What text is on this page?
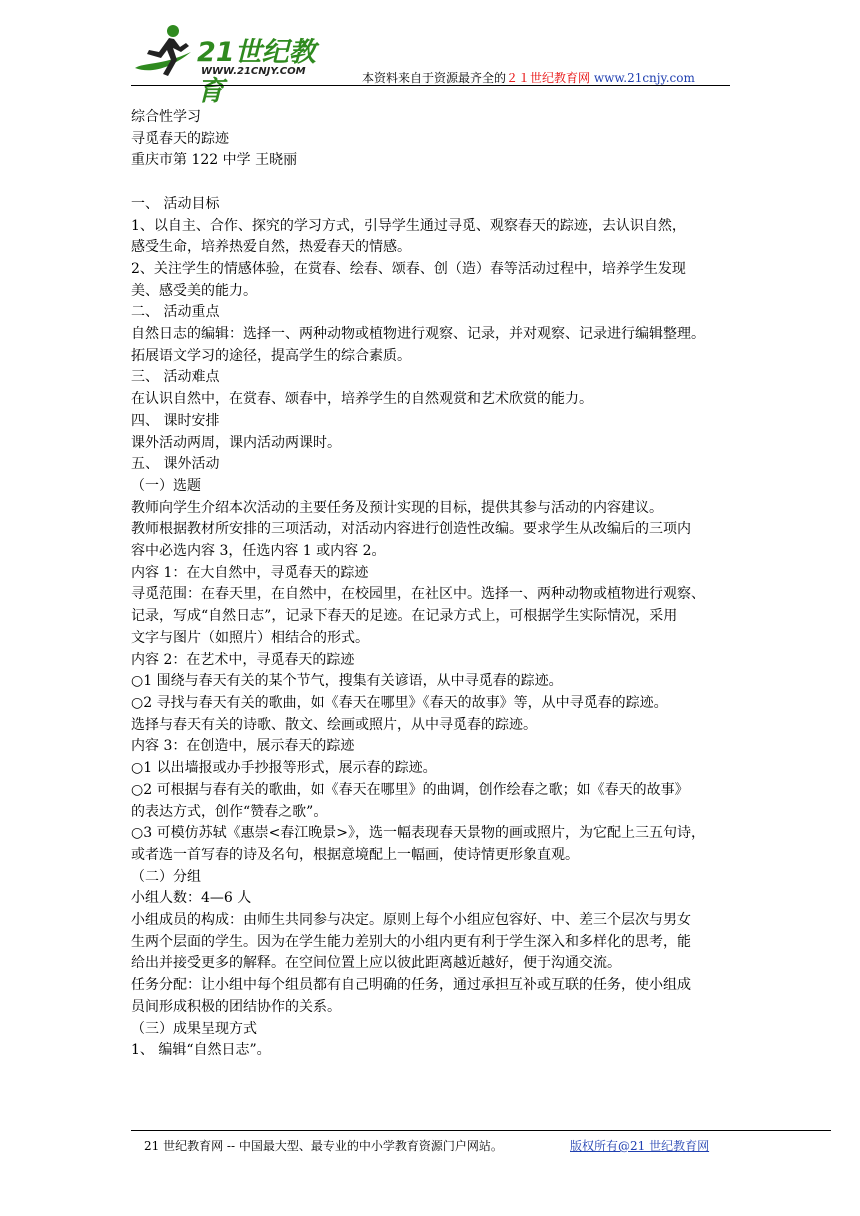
21世纪教育
WWW.21CNJY.COM	本资料来自于资源最齐全的２１世纪教育网 www.21cnjy.com

综合性学习

寻觅春天的踪迹

重庆市第 122 中学 王晓丽

一、 活动目标

1、以自主、合作、探究的学习方式，引导学生通过寻觅、观察春天的踪迹，去认识自然，

感受生命，培养热爱自然，热爱春天的情感。

2、关注学生的情感体验，在赏春、绘春、颂春、创（造）春等活动过程中，培养学生发现

美、感受美的能力。

二、 活动重点

自然日志的编辑：选择一、两种动物或植物进行观察、记录，并对观察、记录进行编辑整理。

拓展语文学习的途径，提高学生的综合素质。

三、 活动难点

在认识自然中，在赏春、颂春中，培养学生的自然观赏和艺术欣赏的能力。

四、 课时安排

课外活动两周，课内活动两课时。

五、 课外活动

（一）选题

教师向学生介绍本次活动的主要任务及预计实现的目标，提供其参与活动的内容建议。

教师根据教材所安排的三项活动，对活动内容进行创造性改编。要求学生从改编后的三项内

容中必选内容 3，任选内容 1 或内容 2。

内容 1：在大自然中，寻觅春天的踪迹

寻觅范围：在春天里，在自然中，在校园里，在社区中。选择一、两种动物或植物进行观察、

记录，写成“自然日志”，记录下春天的足迹。在记录方式上，可根据学生实际情况，采用

文字与图片（如照片）相结合的形式。

内容 2：在艺术中，寻觅春天的踪迹

○1 围绕与春天有关的某个节气，搜集有关谚语，从中寻觅春的踪迹。

○2 寻找与春天有关的歌曲，如《春天在哪里》《春天的故事》等，从中寻觅春的踪迹。

选择与春天有关的诗歌、散文、绘画或照片，从中寻觅春的踪迹。

内容 3：在创造中，展示春天的踪迹

○1 以出墙报或办手抄报等形式，展示春的踪迹。

○2 可根据与春有关的歌曲，如《春天在哪里》的曲调，创作绘春之歌；如《春天的故事》

的表达方式，创作“赞春之歌”。

○3 可模仿苏轼《惠崇<春江晚景>》，选一幅表现春天景物的画或照片，为它配上三五句诗，

或者选一首写春的诗及名句，根据意境配上一幅画，使诗情更形象直观。

（二）分组

小组人数：4—6 人

小组成员的构成：由师生共同参与决定。原则上每个小组应包容好、中、差三个层次与男女

生两个层面的学生。因为在学生能力差别大的小组内更有利于学生深入和多样化的思考，能

给出并接受更多的解释。在空间位置上应以彼此距离越近越好，便于沟通交流。

任务分配：让小组中每个组员都有自己明确的任务，通过承担互补或互联的任务，使小组成

员间形成积极的团结协作的关系。

（三）成果呈现方式

1、 编辑“自然日志”。

21 世纪教育网 -- 中国最大型、最专业的中小学教育资源门户网站。	版权所有@21 世纪教育网
